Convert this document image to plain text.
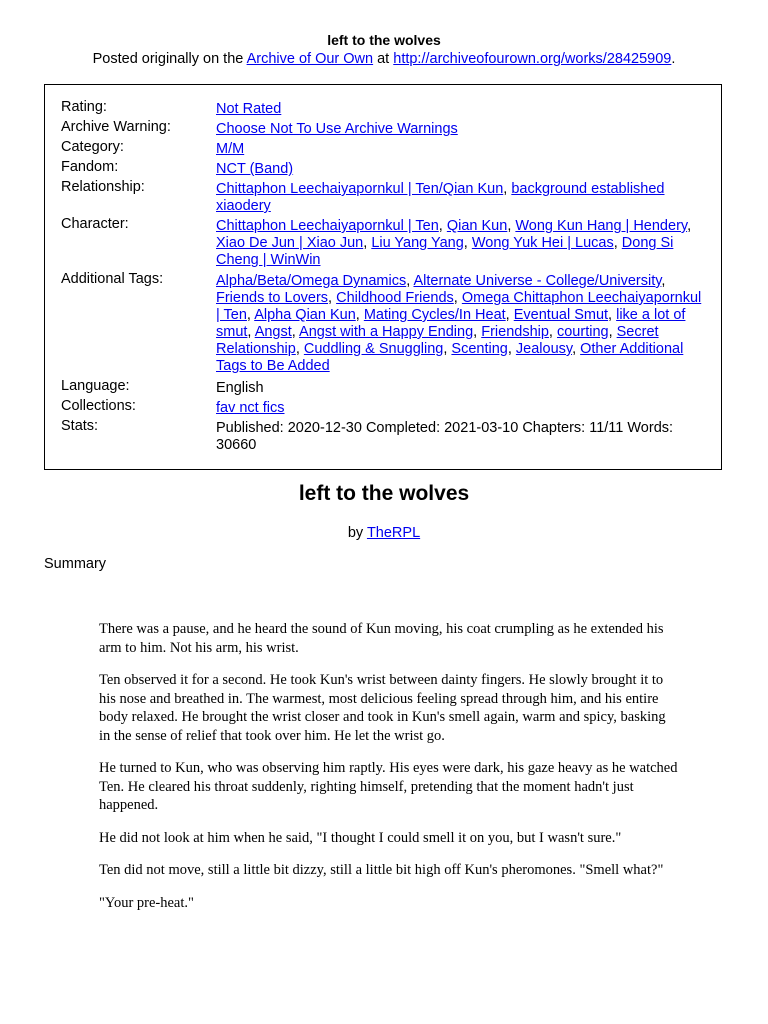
left to the wolves
Posted originally on the Archive of Our Own at http://archiveofourown.org/works/28425909.
Rating:	Not Rated
Archive Warning:	Choose Not To Use Archive Warnings
Category:	M/M
Fandom:	NCT (Band)
Relationship:	Chittaphon Leechaiyapornkul | Ten/Qian Kun, background established xiaodery
Character:	Chittaphon Leechaiyapornkul | Ten, Qian Kun, Wong Kun Hang | Hendery, Xiao De Jun | Xiao Jun, Liu Yang Yang, Wong Yuk Hei | Lucas, Dong Si Cheng | WinWin
Additional Tags:	Alpha/Beta/Omega Dynamics, Alternate Universe - College/University, Friends to Lovers, Childhood Friends, Omega Chittaphon Leechaiyapornkul | Ten, Alpha Qian Kun, Mating Cycles/In Heat, Eventual Smut, like a lot of smut, Angst, Angst with a Happy Ending, Friendship, courting, Secret Relationship, Cuddling & Snuggling, Scenting, Jealousy, Other Additional Tags to Be Added
Language:	English
Collections:	fav nct fics
Stats:	Published: 2020-12-30 Completed: 2021-03-10 Chapters: 11/11 Words: 30660
left to the wolves
by TheRPL
Summary

There was a pause, and he heard the sound of Kun moving, his coat crumpling as he extended his arm to him. Not his arm, his wrist.

Ten observed it for a second. He took Kun's wrist between dainty fingers. He slowly brought it to his nose and breathed in. The warmest, most delicious feeling spread through him, and his entire body relaxed. He brought the wrist closer and took in Kun's smell again, warm and spicy, basking in the sense of relief that took over him. He let the wrist go.

He turned to Kun, who was observing him raptly. His eyes were dark, his gaze heavy as he watched Ten. He cleared his throat suddenly, righting himself, pretending that the moment hadn't just happened.

He did not look at him when he said, "I thought I could smell it on you, but I wasn't sure."

Ten did not move, still a little bit dizzy, still a little bit high off Kun's pheromones. "Smell what?"

"Your pre-heat."
